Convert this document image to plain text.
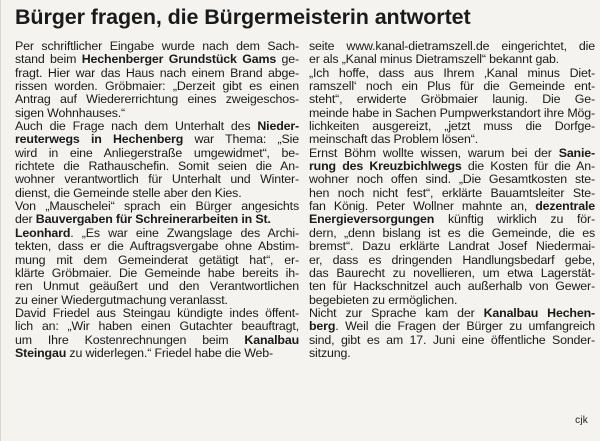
Bürger fragen, die Bürgermeisterin antwortet
Per schriftlicher Eingabe wurde nach dem Sach-
stand beim Hechenberger Grundstück Gams ge-
fragt. Hier war das Haus nach einem Brand abge-
rissen worden. Gröbmaier: „Derzeit gibt es einen
Antrag auf Wiedererrichtung eines zweigeschos-
sigen Wohnhauses.“
Auch die Frage nach dem Unterhalt des Nieder-
reuterwegs in Hechenberg war Thema: „Sie
wird in eine Anliegerstraße umgewidmet“, be-
richtete die Rathauschefin. Somit seien die An-
wohner verantwortlich für Unterhalt und Winter-
dienst, die Gemeinde stelle aber den Kies.
Von „Mauschelei“ sprach ein Bürger angesichts
der Bauvergaben für Schreinerarbeiten in St.
Leonhard. „Es war eine Zwangslage des Archi-
tekten, dass er die Auftragsvergabe ohne Abstim-
mung mit dem Gemeinderat getätigt hat“, er-
klärte Gröbmaier. Die Gemeinde habe bereits ih-
ren Unmut geäußert und den Verantwortlichen
zu einer Wiedergutmachung veranlasst.
David Friedel aus Steingau kündigte indes öffent-
lich an: „Wir haben einen Gutachter beauftragt,
um Ihre Kostenrechnungen beim Kanalbau
Steingau zu widerlegen.“ Friedel habe die Web-
seite www.kanal-dietramszell.de eingerichtet, die
er als „Kanal minus Dietramszell“ bekannt gab.
„Ich hoffe, dass aus Ihrem ‚Kanal minus Diet-
ramszell‘ noch ein Plus für die Gemeinde ent-
steht“, erwiderte Gröbmaier launig. Die Ge-
meinde habe in Sachen Pumpwerkstandort ihre Mög-
lichkeiten ausgereizt, „jetzt muss die Dorfge-
meinschaft das Problem lösen“.
Ernst Böhm wollte wissen, warum bei der Sanie-
rung des Kreuzbichlwegs die Kosten für die An-
wohner noch offen sind. „Die Gesamtkosten ste-
hen noch nicht fest“, erklärte Bauamtsleiter Ste-
fan König. Peter Wollner mahnte an, dezentrale
Energieversorgungen künftig wirklich zu för-
dern, „denn bislang ist es die Gemeinde, die es
bremst“. Dazu erklärte Landrat Josef Niedermai-
er, dass es dringenden Handlungsbedarf gebe,
das Baurecht zu novellieren, um etwa Lagerstät-
ten für Hackschnitzel auch außerhalb von Gewer-
begebieten zu ermöglichen.
Nicht zur Sprache kam der Kanalbau Hechen-
berg. Weil die Fragen der Bürger zu umfangreich
sind, gibt es am 17. Juni eine öffentliche Sonder-
sitzung.
cjk
